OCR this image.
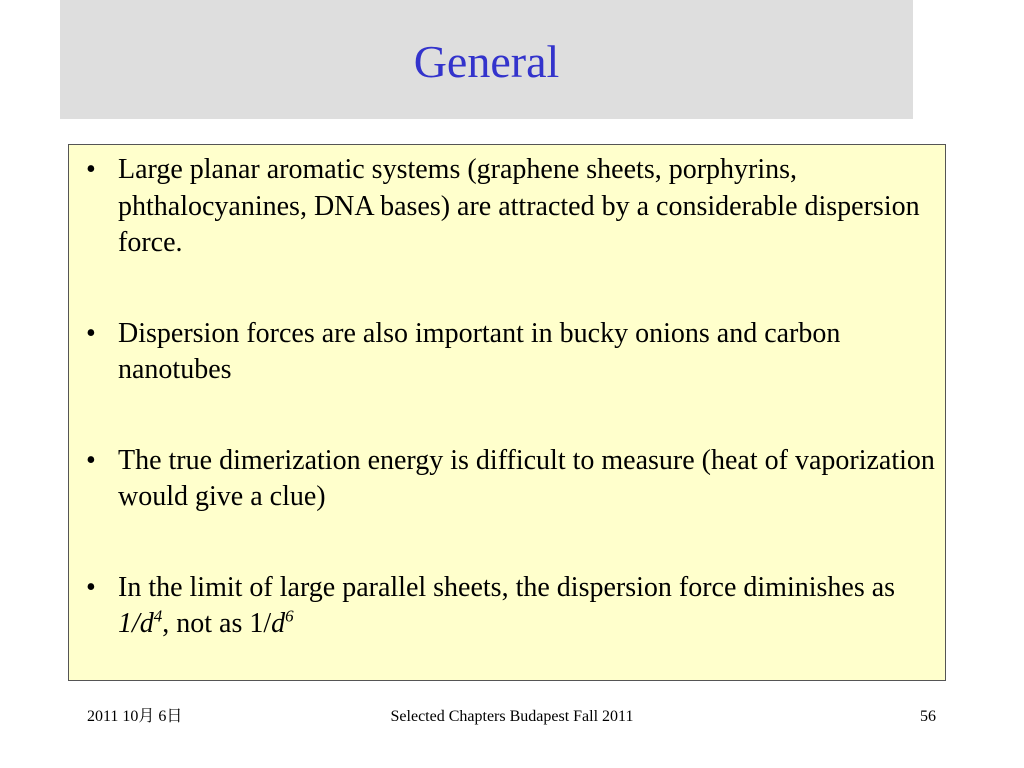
General
• Large planar aromatic systems (graphene sheets, porphyrins, phthalocyanines, DNA bases) are attracted by a considerable dispersion force.
• Dispersion forces are also important in bucky onions and carbon nanotubes
• The true dimerization energy is difficult to measure (heat of vaporization would give a clue)
• In the limit of large parallel sheets, the dispersion force diminishes as $1/d^4$, not as $1/d^6$
2011 10月 6日	Selected Chapters Budapest Fall 2011	56
